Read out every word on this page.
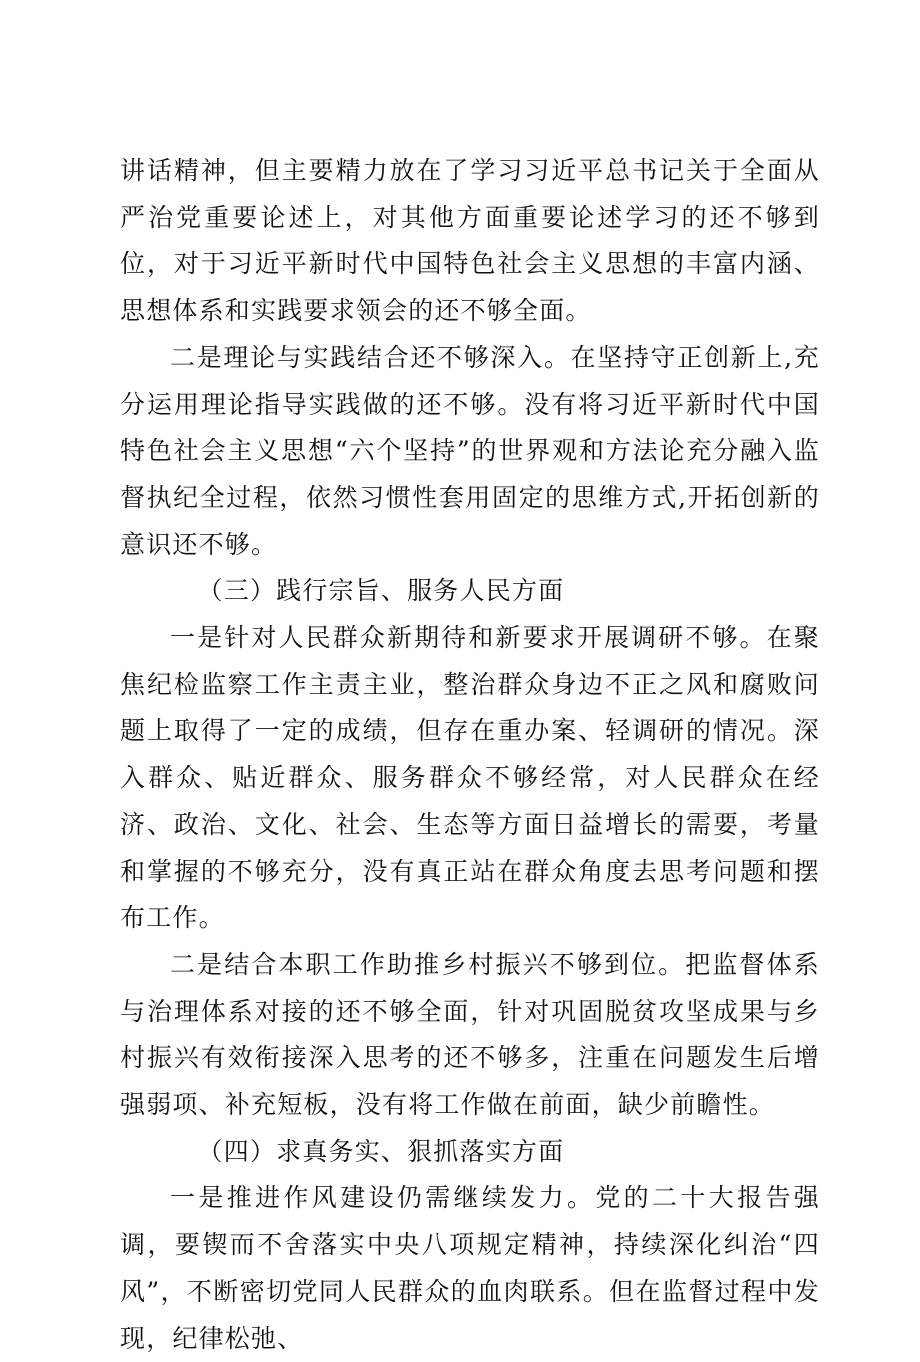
讲话精神，但主要精力放在了学习习近平总书记关于全面从严治党重要论述上，对其他方面重要论述学习的还不够到位，对于习近平新时代中国特色社会主义思想的丰富内涵、思想体系和实践要求领会的还不够全面。

二是理论与实践结合还不够深入。在坚持守正创新上,充分运用理论指导实践做的还不够。没有将习近平新时代中国特色社会主义思想“六个坚持”的世界观和方法论充分融入监督执纪全过程，依然习惯性套用固定的思维方式,开拓创新的意识还不够。

（三）践行宗旨、服务人民方面

一是针对人民群众新期待和新要求开展调研不够。在聚焦纪检监察工作主责主业，整治群众身边不正之风和腐败问题上取得了一定的成绩，但存在重办案、轻调研的情况。深入群众、贴近群众、服务群众不够经常，对人民群众在经济、政治、文化、社会、生态等方面日益增长的需要，考量和掌握的不够充分，没有真正站在群众角度去思考问题和摆布工作。

二是结合本职工作助推乡村振兴不够到位。把监督体系与治理体系对接的还不够全面，针对巩固脱贫攻坚成果与乡村振兴有效衔接深入思考的还不够多，注重在问题发生后增强弱项、补充短板，没有将工作做在前面，缺少前瞻性。

（四）求真务实、狠抓落实方面

一是推进作风建设仍需继续发力。党的二十大报告强调，要锲而不舍落实中央八项规定精神，持续深化纠治“四风”，不断密切党同人民群众的血肉联系。但在监督过程中发现，纪律松弛、
